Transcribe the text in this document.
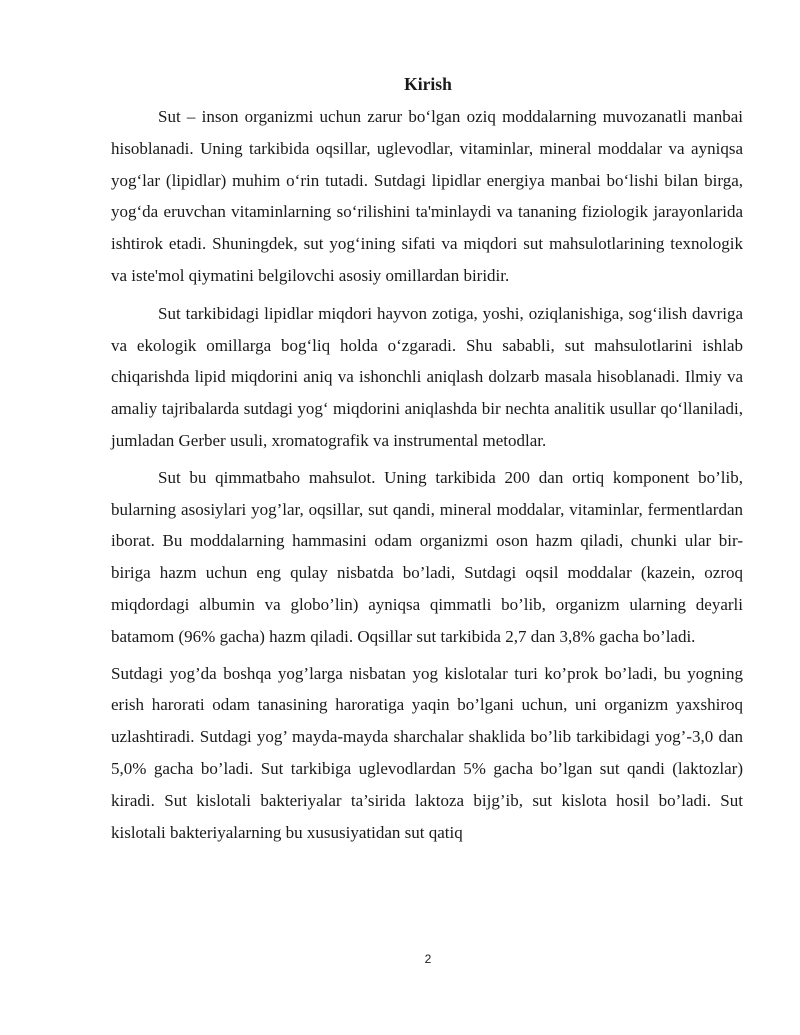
Kirish

Sut – inson organizmi uchun zarur bo‘lgan oziq moddalarning muvozanatli manbai hisoblanadi. Uning tarkibida oqsillar, uglevodlar, vitaminlar, mineral moddalar va ayniqsa yog‘lar (lipidlar) muhim o‘rin tutadi. Sutdagi lipidlar energiya manbai bo‘lishi bilan birga, yog‘da eruvchan vitaminlarning so‘rilishini ta'minlaydi va tananing fiziologik jarayonlarida ishtirok etadi. Shuningdek, sut yog‘ining sifati va miqdori sut mahsulotlarining texnologik va iste'mol qiymatini belgilovchi asosiy omillardan biridir.

Sut tarkibidagi lipidlar miqdori hayvon zotiga, yoshi, oziqlanishiga, sog‘ilish davriga va ekologik omillarga bog‘liq holda o‘zgaradi. Shu sababli, sut mahsulotlarini ishlab chiqarishda lipid miqdorini aniq va ishonchli aniqlash dolzarb masala hisoblanadi. Ilmiy va amaliy tajribalarda sutdagi yog‘ miqdorini aniqlashda bir nechta analitik usullar qo‘llaniladi, jumladan Gerber usuli, xromatografik va instrumental metodlar.

Sut bu qimmatbaho mahsulot. Uning tarkibida 200 dan ortiq komponent bo’lib, bularning asosiylari yog’lar, oqsillar, sut qandi, mineral moddalar, vitaminlar, fermentlardan iborat. Bu moddalarning hammasini odam organizmi oson hazm qiladi, chunki ular bir-biriga hazm uchun eng qulay nisbatda bo’ladi, Sutdagi oqsil moddalar (kazein, ozroq miqdordagi albumin va globo’lin) ayniqsa qimmatli bo’lib, organizm ularning deyarli batamom (96% gacha) hazm qiladi. Oqsillar sut tarkibida 2,7 dan 3,8% gacha bo’ladi.

Sutdagi yog’da boshqa yog’larga nisbatan yog kislotalar turi ko’prok bo’ladi, bu yogning erish harorati odam tanasining haroratiga yaqin bo’lgani uchun, uni organizm yaxshiroq uzlashtiradi. Sutdagi yog’ mayda-mayda sharchalar shaklida bo’lib tarkibidagi yog’-3,0 dan 5,0% gacha bo’ladi. Sut tarkibiga uglevodlardan 5% gacha bo’lgan sut qandi (laktozlar) kiradi. Sut kislotali bakteriyalar ta’sirida laktoza bijg’ib, sut kislota hosil bo’ladi. Sut kislotali bakteriyalarning bu xususiyatidan sut qatiq

2
